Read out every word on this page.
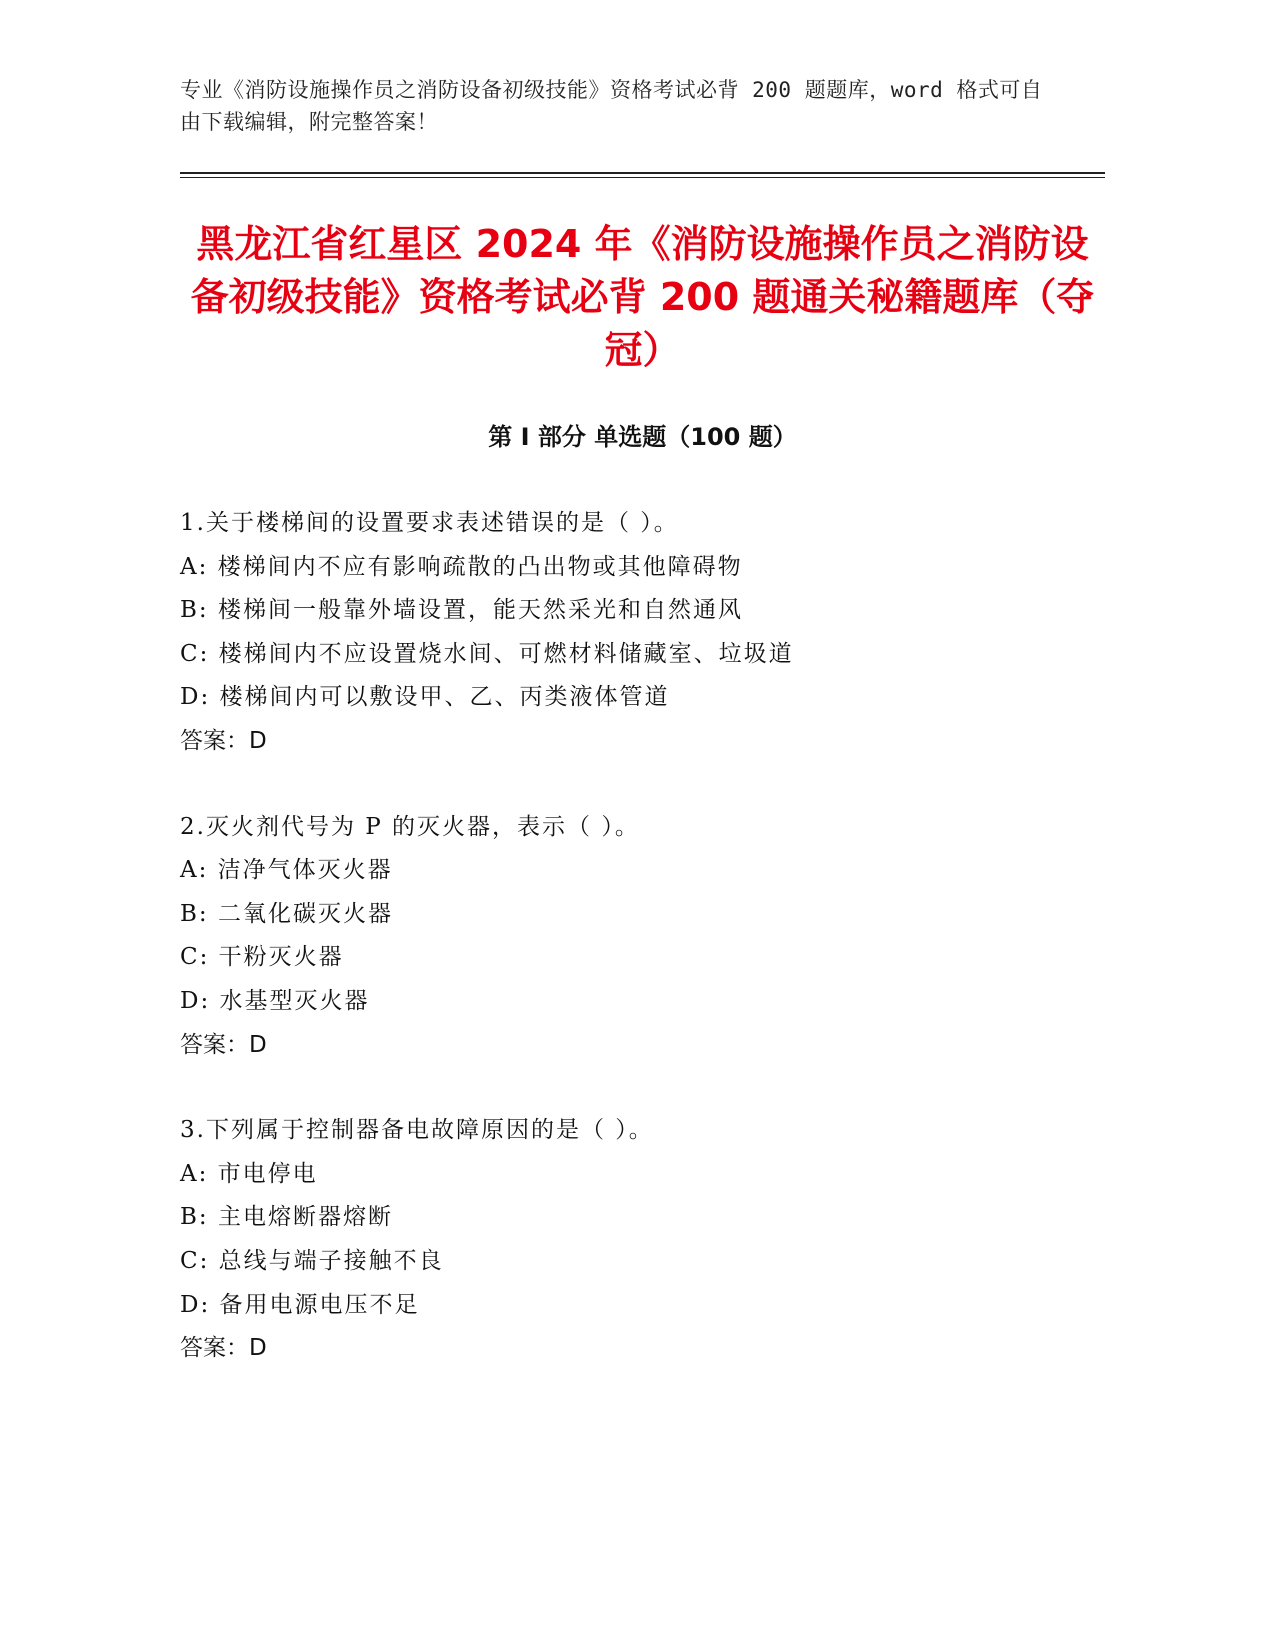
专业《消防设施操作员之消防设备初级技能》资格考试必背 200 题题库，word 格式可自由下载编辑，附完整答案！
黑龙江省红星区 2024 年《消防设施操作员之消防设备初级技能》资格考试必背 200 题通关秘籍题库（夺冠）
第 I 部分 单选题（100 题）
1.关于楼梯间的设置要求表述错误的是（ ）。
A: 楼梯间内不应有影响疏散的凸出物或其他障碍物
B: 楼梯间一般靠外墙设置，能天然采光和自然通风
C: 楼梯间内不应设置烧水间、可燃材料储藏室、垃圾道
D: 楼梯间内可以敷设甲、乙、丙类液体管道
答案：D
2.灭火剂代号为 P 的灭火器，表示（ ）。
A: 洁净气体灭火器
B: 二氧化碳灭火器
C: 干粉灭火器
D: 水基型灭火器
答案：D
3.下列属于控制器备电故障原因的是（ ）。
A: 市电停电
B: 主电熔断器熔断
C: 总线与端子接触不良
D: 备用电源电压不足
答案：D
